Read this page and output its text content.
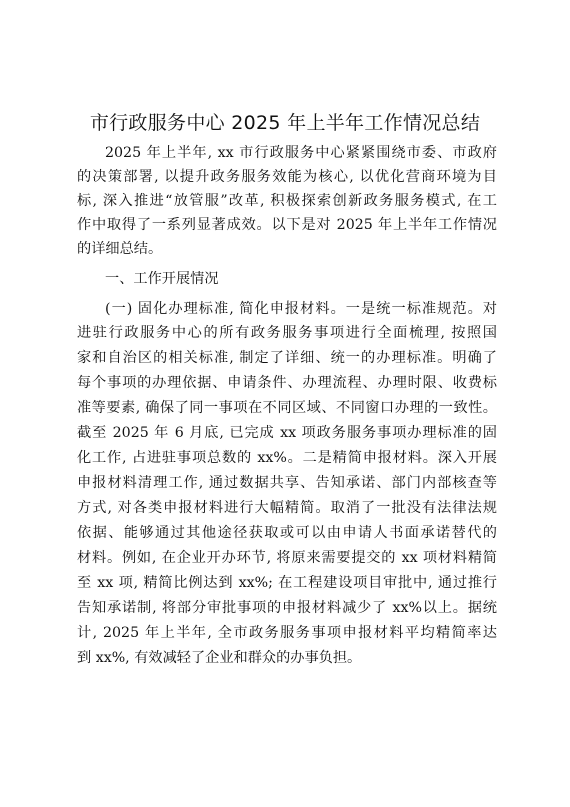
市行政服务中心 2025 年上半年工作情况总结
2025 年上半年, xx 市行政服务中心紧紧围绕市委、市政府
的决策部署, 以提升政务服务效能为核心, 以优化营商环境为目
标, 深入推进“放管服”改革, 积极探索创新政务服务模式, 在工
作中取得了一系列显著成效。以下是对 2025 年上半年工作情况
的详细总结。
一、工作开展情况
(一) 固化办理标准, 简化申报材料。一是统一标准规范。对
进驻行政服务中心的所有政务服务事项进行全面梳理, 按照国
家和自治区的相关标准, 制定了详细、统一的办理标准。明确了
每个事项的办理依据、申请条件、办理流程、办理时限、收费标
准等要素, 确保了同一事项在不同区域、不同窗口办理的一致性。
截至 2025 年 6 月底, 已完成 xx 项政务服务事项办理标准的固
化工作, 占进驻事项总数的 xx%。二是精简申报材料。深入开展
申报材料清理工作, 通过数据共享、告知承诺、部门内部核查等
方式, 对各类申报材料进行大幅精简。取消了一批没有法律法规
依据、能够通过其他途径获取或可以由申请人书面承诺替代的
材料。例如, 在企业开办环节, 将原来需要提交的 xx 项材料精简
至 xx 项, 精简比例达到 xx%; 在工程建设项目审批中, 通过推行
告知承诺制, 将部分审批事项的申报材料减少了 xx%以上。据统
计, 2025 年上半年, 全市政务服务事项申报材料平均精简率达
到 xx%, 有效减轻了企业和群众的办事负担。
